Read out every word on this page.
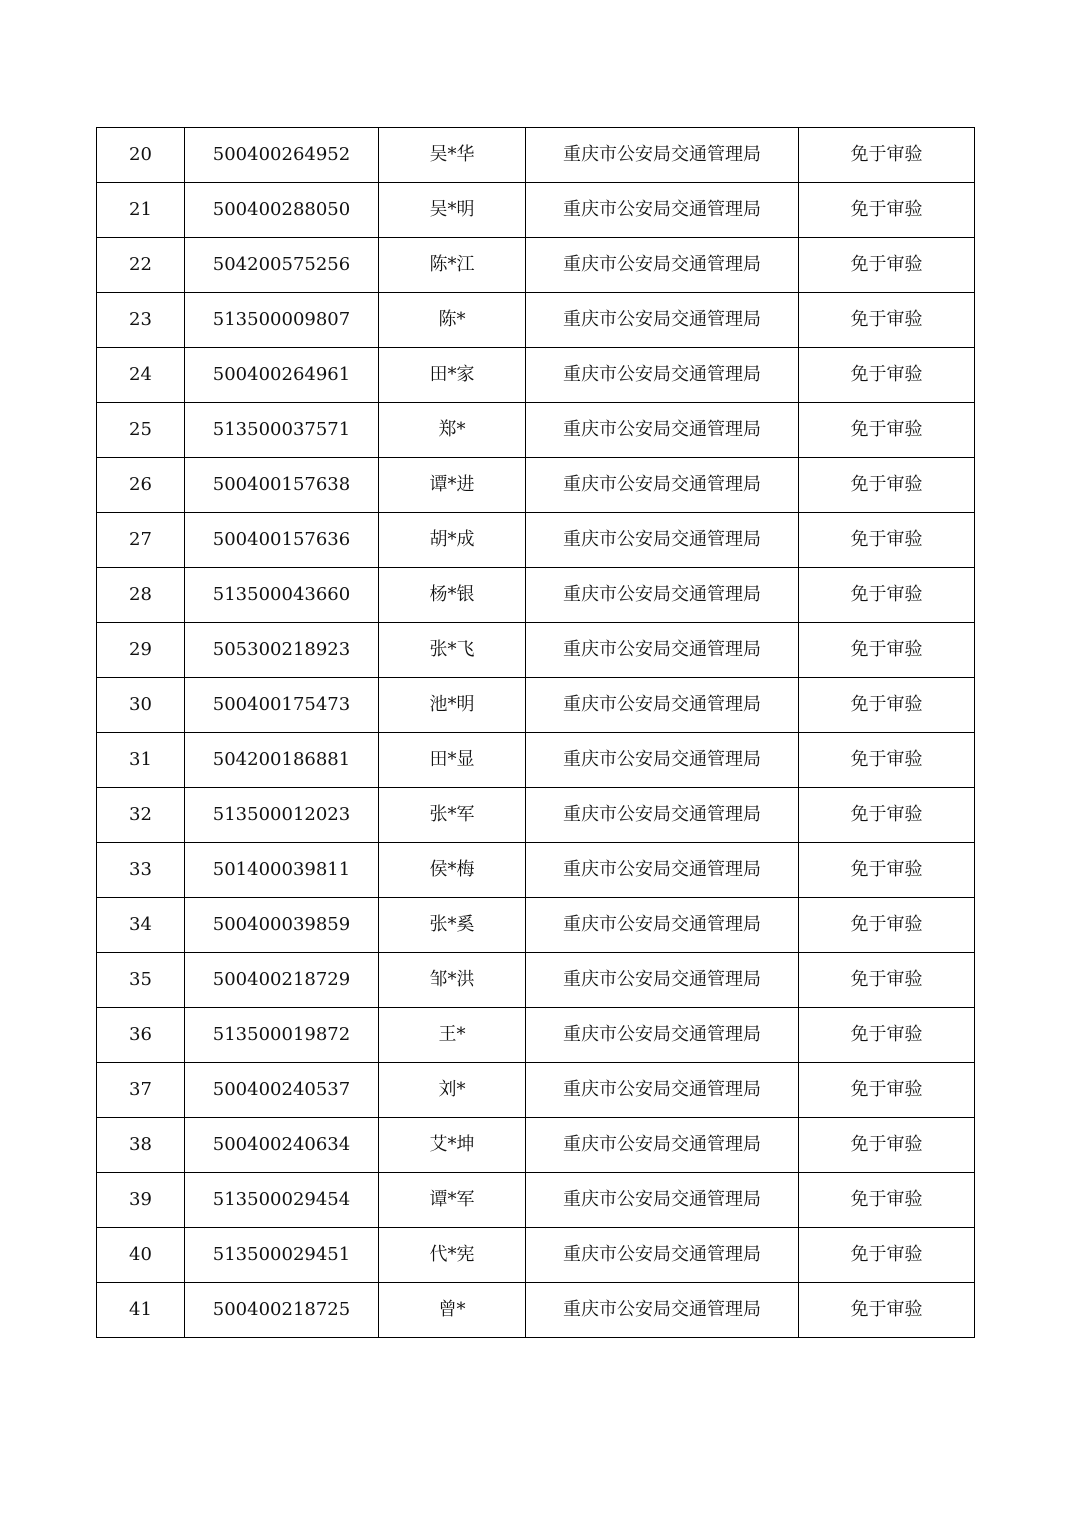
20	500400264952	吴*华	重庆市公安局交通管理局	免于审验
21	500400288050	吴*明	重庆市公安局交通管理局	免于审验
22	504200575256	陈*江	重庆市公安局交通管理局	免于审验
23	513500009807	陈*	重庆市公安局交通管理局	免于审验
24	500400264961	田*家	重庆市公安局交通管理局	免于审验
25	513500037571	郑*	重庆市公安局交通管理局	免于审验
26	500400157638	谭*进	重庆市公安局交通管理局	免于审验
27	500400157636	胡*成	重庆市公安局交通管理局	免于审验
28	513500043660	杨*银	重庆市公安局交通管理局	免于审验
29	505300218923	张*飞	重庆市公安局交通管理局	免于审验
30	500400175473	池*明	重庆市公安局交通管理局	免于审验
31	504200186881	田*显	重庆市公安局交通管理局	免于审验
32	513500012023	张*军	重庆市公安局交通管理局	免于审验
33	501400039811	侯*梅	重庆市公安局交通管理局	免于审验
34	500400039859	张*奚	重庆市公安局交通管理局	免于审验
35	500400218729	邹*洪	重庆市公安局交通管理局	免于审验
36	513500019872	王*	重庆市公安局交通管理局	免于审验
37	500400240537	刘*	重庆市公安局交通管理局	免于审验
38	500400240634	艾*坤	重庆市公安局交通管理局	免于审验
39	513500029454	谭*军	重庆市公安局交通管理局	免于审验
40	513500029451	代*宪	重庆市公安局交通管理局	免于审验
41	500400218725	曾*	重庆市公安局交通管理局	免于审验
